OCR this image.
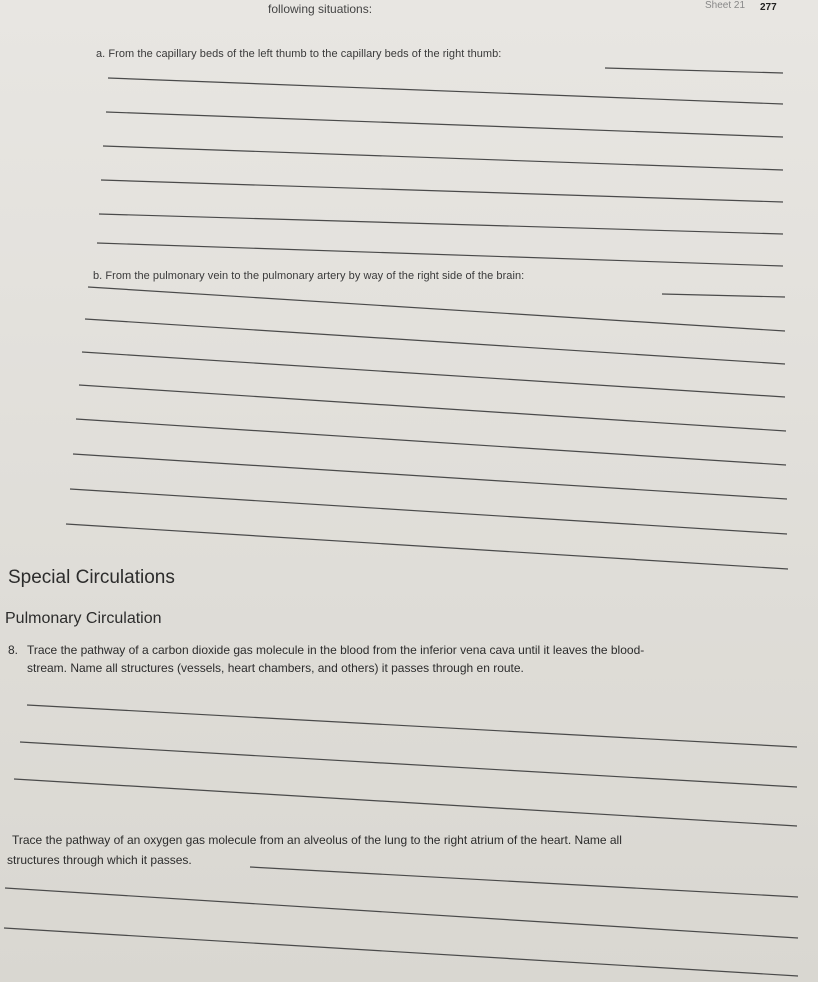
following situations:	Sheet 21 277
a. From the capillary beds of the left thumb to the capillary beds of the right thumb:
b. From the pulmonary vein to the pulmonary artery by way of the right side of the brain:
Special Circulations
Pulmonary Circulation
8. Trace the pathway of a carbon dioxide gas molecule in the blood from the inferior vena cava until it leaves the blood-
stream. Name all structures (vessels, heart chambers, and others) it passes through en route.
Trace the pathway of an oxygen gas molecule from an alveolus of the lung to the right atrium of the heart. Name all
structures through which it passes.
